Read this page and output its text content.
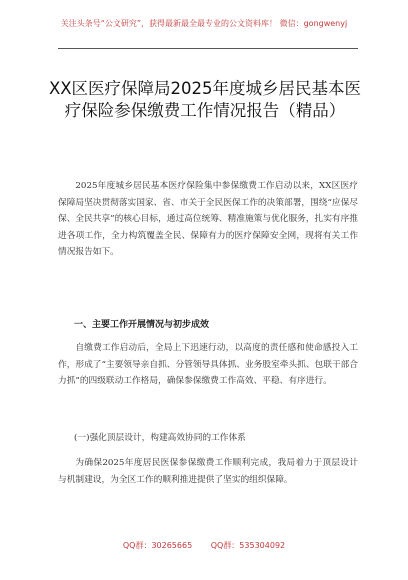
关注头条号“公文研究”，获得最新最全最专业的公文资料库！ 微信：gongwenyj
XX区医疗保障局2025年度城乡居民基本医疗保险参保缴费工作情况报告（精品）
2025年度城乡居民基本医疗保险集中参保缴费工作启动以来，XX区医疗保障局坚决贯彻落实国家、省、市关于全民医保工作的决策部署，围绕“应保尽保、全民共享”的核心目标，通过高位统筹、精准施策与优化服务，扎实有序推进各项工作，全力构筑覆盖全民、保障有力的医疗保障安全网，现将有关工作情况报告如下。
一、主要工作开展情况与初步成效
自缴费工作启动后，全局上下迅速行动，以高度的责任感和使命感投入工作，形成了“主要领导亲自抓、分管领导具体抓、业务股室牵头抓、包联干部合力抓”的四级联动工作格局，确保参保缴费工作高效、平稳、有序进行。
(一)强化顶层设计，构建高效协同的工作体系
为确保2025年度居民医保参保缴费工作顺利完成，我局着力于顶层设计与机制建设，为全区工作的顺利推进提供了坚实的组织保障。
QQ群：30265665 QQ群：535304092
